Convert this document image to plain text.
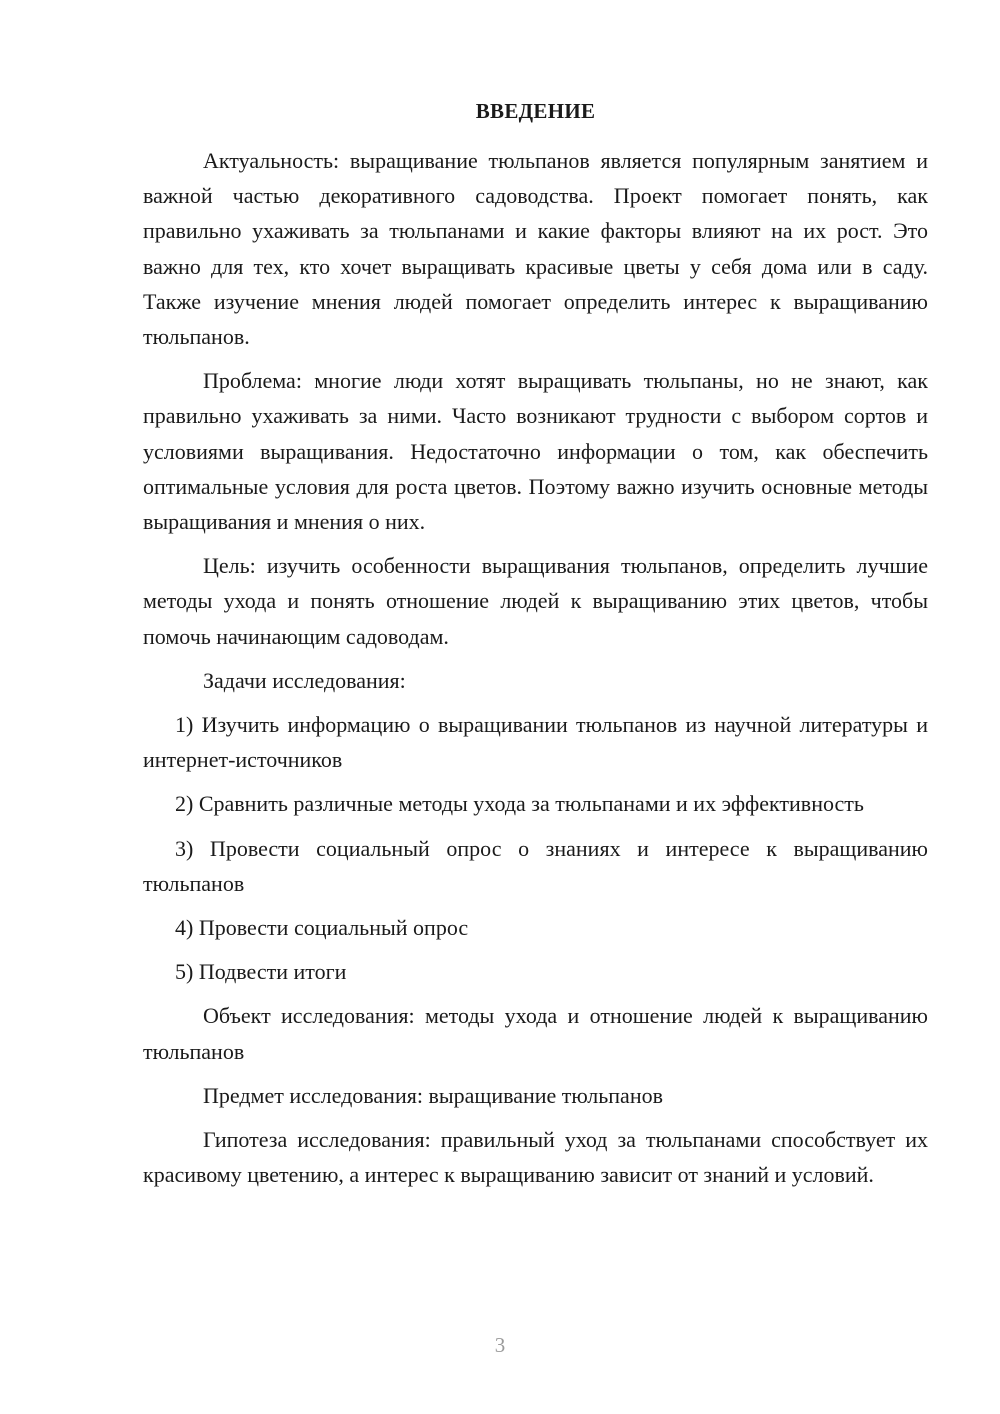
ВВЕДЕНИЕ

Актуальность: выращивание тюльпанов является популярным занятием и важной частью декоративного садоводства. Проект помогает понять, как правильно ухаживать за тюльпанами и какие факторы влияют на их рост. Это важно для тех, кто хочет выращивать красивые цветы у себя дома или в саду. Также изучение мнения людей помогает определить интерес к выращиванию тюльпанов.

Проблема: многие люди хотят выращивать тюльпаны, но не знают, как правильно ухаживать за ними. Часто возникают трудности с выбором сортов и условиями выращивания. Недостаточно информации о том, как обеспечить оптимальные условия для роста цветов. Поэтому важно изучить основные методы выращивания и мнения о них.

Цель: изучить особенности выращивания тюльпанов, определить лучшие методы ухода и понять отношение людей к выращиванию этих цветов, чтобы помочь начинающим садоводам.

Задачи исследования:

1) Изучить информацию о выращивании тюльпанов из научной литературы и интернет-источников

2) Сравнить различные методы ухода за тюльпанами и их эффективность

3) Провести социальный опрос о знаниях и интересе к выращиванию тюльпанов

4) Провести социальный опрос

5) Подвести итоги

Объект исследования: методы ухода и отношение людей к выращиванию тюльпанов

Предмет исследования: выращивание тюльпанов

Гипотеза исследования: правильный уход за тюльпанами способствует их красивому цветению, а интерес к выращиванию зависит от знаний и условий.

3
